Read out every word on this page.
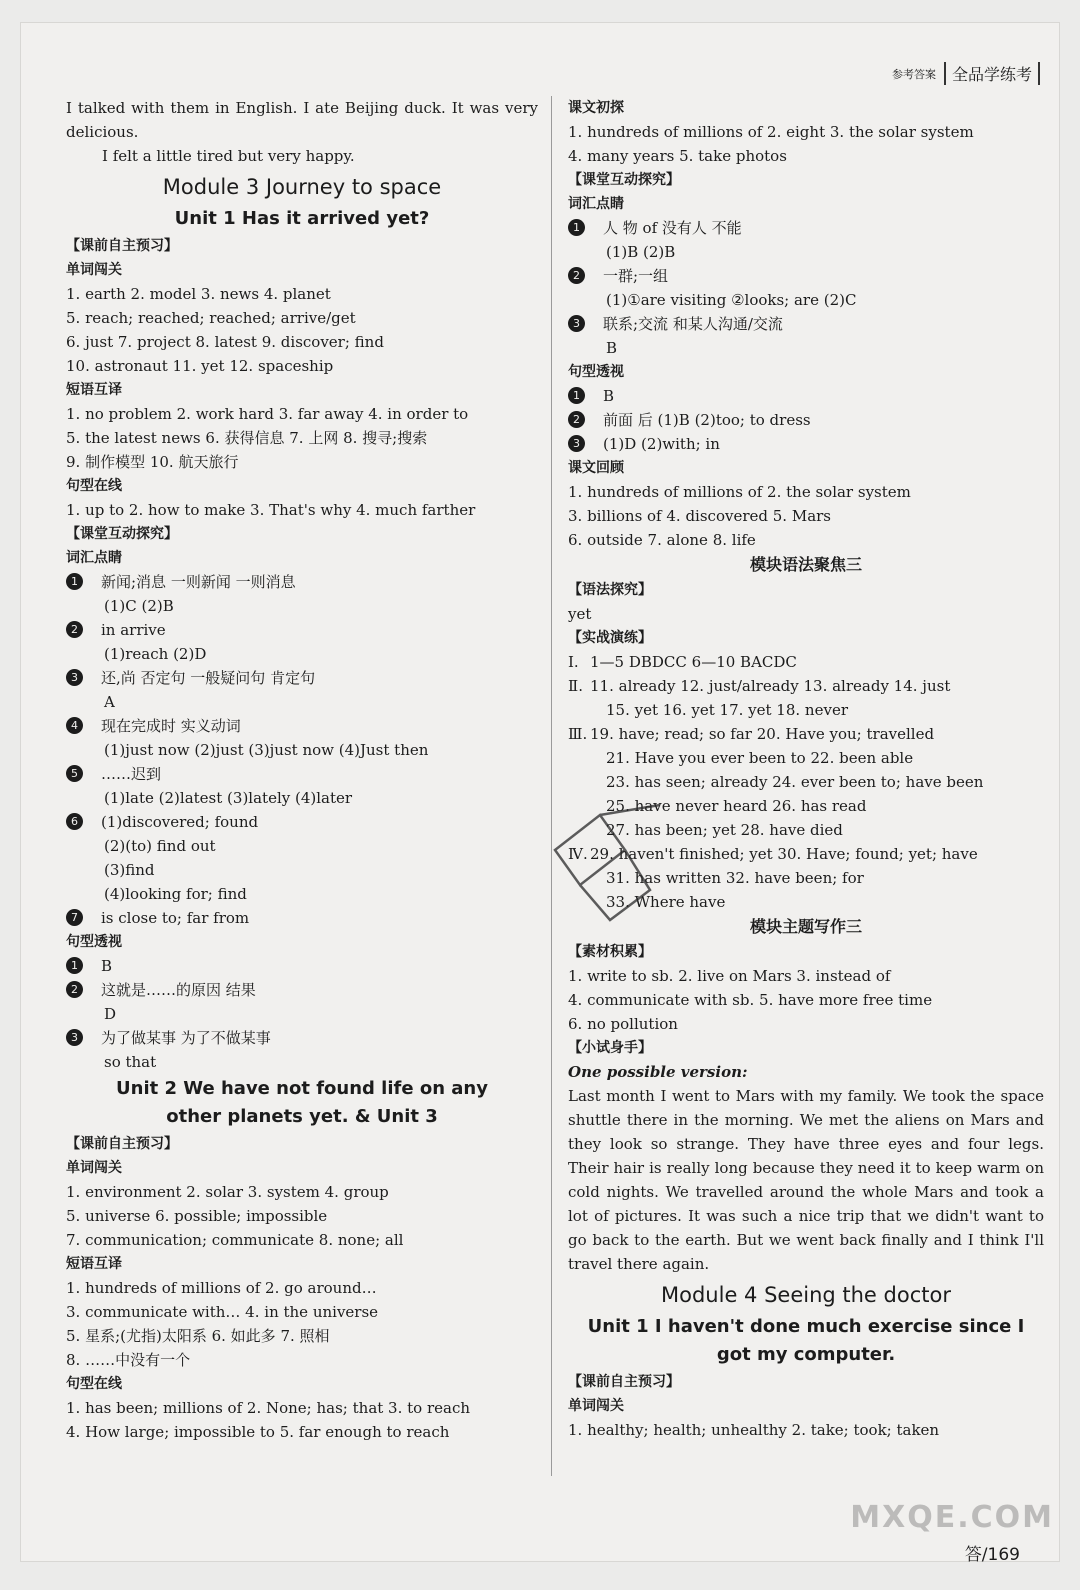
参考答案	全品学练考
I talked with them in English. I ate Beijing duck. It was very delicious.
I felt a little tired but very happy.
Module 3 Journey to space
Unit 1 Has it arrived yet?
【课前自主预习】
单词闯关
1. earth 2. model 3. news 4. planet
5. reach; reached; reached; arrive/get
6. just 7. project 8. latest 9. discover; find
10. astronaut 11. yet 12. spaceship
短语互译
1. no problem 2. work hard 3. far away 4. in order to
5. the latest news 6. 获得信息 7. 上网 8. 搜寻;搜索
9. 制作模型 10. 航天旅行
句型在线
1. up to 2. how to make 3. That's why 4. much farther
【课堂互动探究】
词汇点睛
1	新闻;消息 一则新闻 一则消息
(1)C (2)B
2	in arrive
(1)reach (2)D
3	还,尚 否定句 一般疑问句 肯定句
A
4	现在完成时 实义动词
(1)just now (2)just (3)just now (4)Just then
5	……迟到
(1)late (2)latest (3)lately (4)later
6	(1)discovered; found
(2)(to) find out
(3)find
(4)looking for; find
7	is close to; far from
句型透视
1	B
2	这就是……的原因 结果
D
3	为了做某事 为了不做某事
so that
Unit 2 We have not found life on any
other planets yet. & Unit 3
【课前自主预习】
单词闯关
1. environment 2. solar 3. system 4. group
5. universe 6. possible; impossible
7. communication; communicate 8. none; all
短语互译
1. hundreds of millions of 2. go around…
3. communicate with… 4. in the universe
5. 星系;(尤指)太阳系 6. 如此多 7. 照相
8. ……中没有一个
句型在线
1. has been; millions of 2. None; has; that 3. to reach
4. How large; impossible to 5. far enough to reach
课文初探
1. hundreds of millions of 2. eight 3. the solar system
4. many years 5. take photos
【课堂互动探究】
词汇点睛
1	人 物 of 没有人 不能
(1)B (2)B
2	一群;一组
(1)①are visiting ②looks; are (2)C
3	联系;交流 和某人沟通/交流
B
句型透视
1	B
2	前面 后 (1)B (2)too; to dress
3	(1)D (2)with; in
课文回顾
1. hundreds of millions of 2. the solar system
3. billions of 4. discovered 5. Mars
6. outside 7. alone 8. life
模块语法聚焦三
【语法探究】
yet
【实战演练】
Ⅰ. 1—5 DBDCC 6—10 BACDC
Ⅱ. 11. already 12. just/already 13. already 14. just
15. yet 16. yet 17. yet 18. never
Ⅲ. 19. have; read; so far 20. Have you; travelled
21. Have you ever been to 22. been able
23. has seen; already 24. ever been to; have been
25. have never heard 26. has read
27. has been; yet 28. have died
Ⅳ. 29. haven't finished; yet 30. Have; found; yet; have
31. has written 32. have been; for
33. Where have
模块主题写作三
【素材积累】
1. write to sb. 2. live on Mars 3. instead of
4. communicate with sb. 5. have more free time
6. no pollution
【小试身手】
One possible version:
Last month I went to Mars with my family. We took the space shuttle there in the morning. We met the aliens on Mars and they look so strange. They have three eyes and four legs. Their hair is really long because they need it to keep warm on cold nights. We travelled around the whole Mars and took a lot of pictures. It was such a nice trip that we didn't want to go back to the earth. But we went back finally and I think I'll travel there again.
Module 4 Seeing the doctor
Unit 1 I haven't done much exercise since I
got my computer.
【课前自主预习】
单词闯关
1. healthy; health; unhealthy 2. take; took; taken
答/169
MXQE.COM
